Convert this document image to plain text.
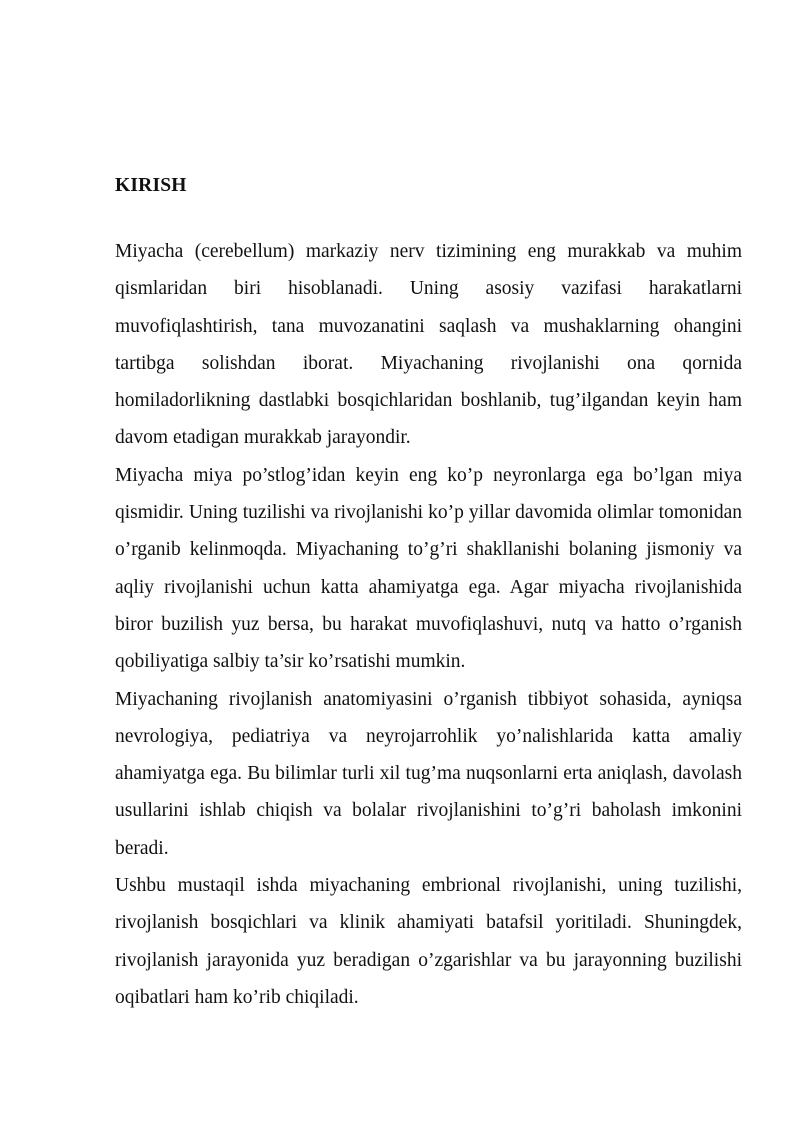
KIRISH

Miyacha (cerebellum) markaziy nerv tizimining eng murakkab va muhim qismlaridan biri hisoblanadi. Uning asosiy vazifasi harakatlarni muvofiqlashtirish, tana muvozanatini saqlash va mushaklarning ohangini tartibga solishdan iborat. Miyachaning rivojlanishi ona qornida homiladorlikning dastlabki bosqichlaridan boshlanib, tug’ilgandan keyin ham davom etadigan murakkab jarayondir.

Miyacha miya po’stlog’idan keyin eng ko’p neyronlarga ega bo’lgan miya qismidir. Uning tuzilishi va rivojlanishi ko’p yillar davomida olimlar tomonidan o’rganib kelinmoqda. Miyachaning to’g’ri shakllanishi bolaning jismoniy va aqliy rivojlanishi uchun katta ahamiyatga ega. Agar miyacha rivojlanishida biror buzilish yuz bersa, bu harakat muvofiqlashuvi, nutq va hatto o’rganish qobiliyatiga salbiy ta’sir ko’rsatishi mumkin.

Miyachaning rivojlanish anatomiyasini o’rganish tibbiyot sohasida, ayniqsa nevrologiya, pediatriya va neyrojarrohlik yo’nalishlarida katta amaliy ahamiyatga ega. Bu bilimlar turli xil tug’ma nuqsonlarni erta aniqlash, davolash usullarini ishlab chiqish va bolalar rivojlanishini to’g’ri baholash imkonini beradi.

Ushbu mustaqil ishda miyachaning embrional rivojlanishi, uning tuzilishi, rivojlanish bosqichlari va klinik ahamiyati batafsil yoritiladi. Shuningdek, rivojlanish jarayonida yuz beradigan o’zgarishlar va bu jarayonning buzilishi oqibatlari ham ko’rib chiqiladi.
